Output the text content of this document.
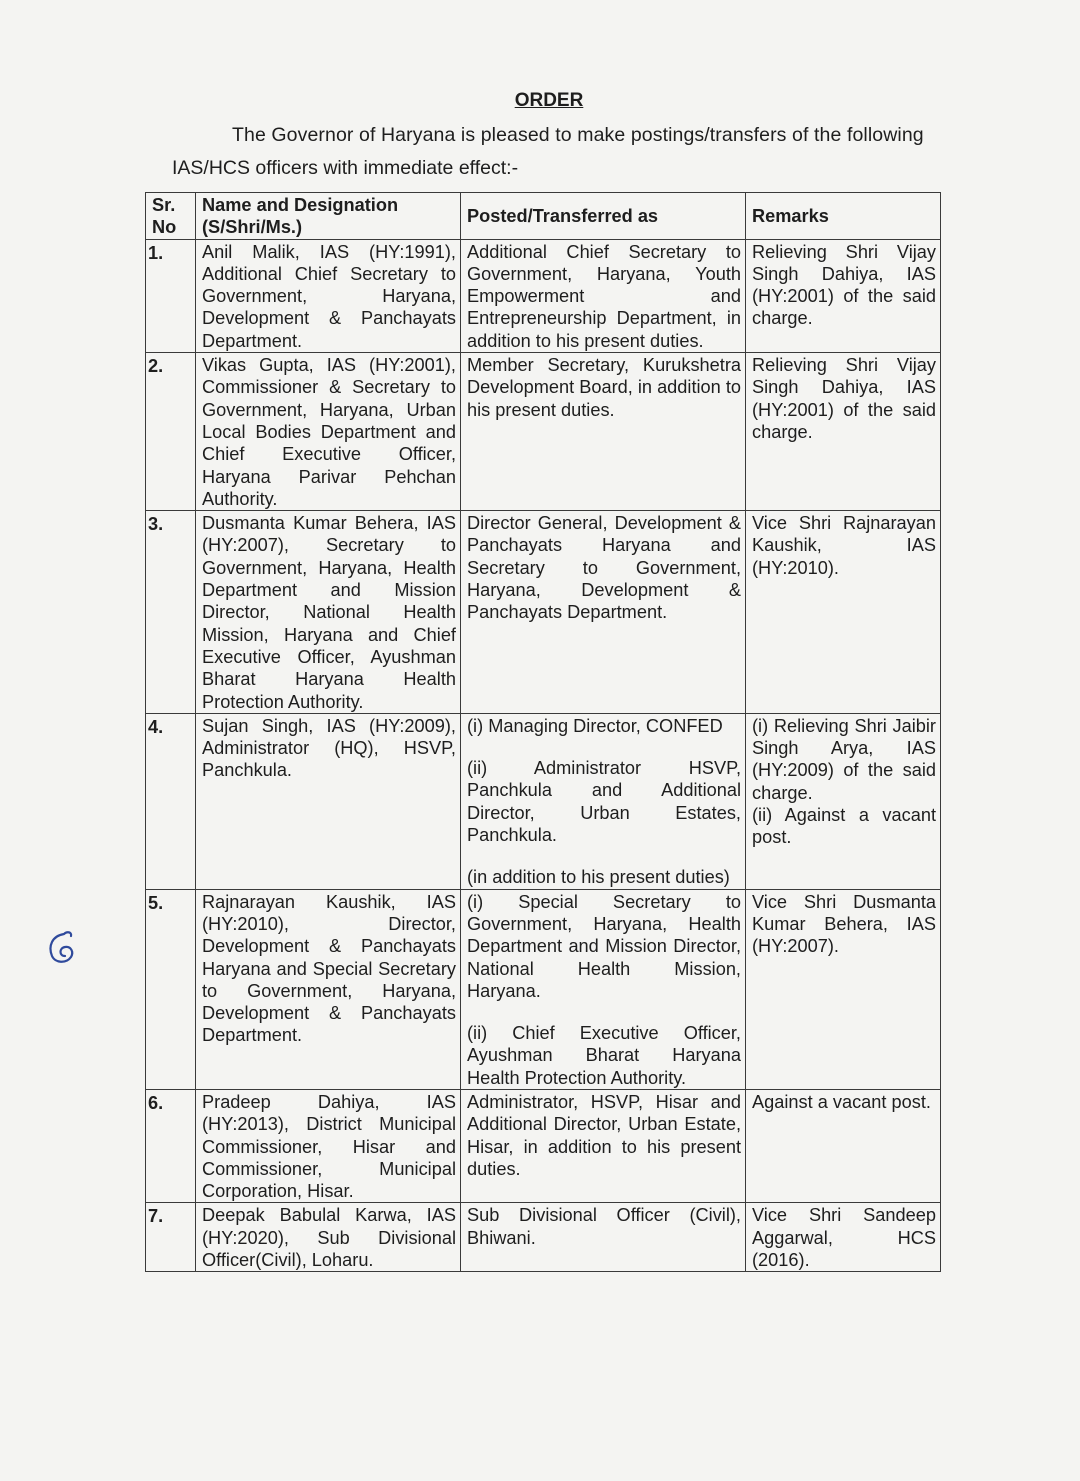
ORDER
The Governor of Haryana is pleased to make postings/transfers of the following
IAS/HCS officers with immediate effect:-
Sr. No	Name and Designation (S/Shri/Ms.)	Posted/Transferred as	Remarks
1.	Anil Malik, IAS (HY:1991), Additional Chief Secretary to Government, Haryana, Development & Panchayats Department.	Additional Chief Secretary to Government, Haryana, Youth Empowerment and Entrepreneurship Department, in addition to his present duties.	Relieving Shri Vijay Singh Dahiya, IAS (HY:2001) of the said charge.

2.	Vikas Gupta, IAS (HY:2001), Commissioner & Secretary to Government, Haryana, Urban Local Bodies Department and Chief Executive Officer, Haryana Parivar Pehchan Authority.	Member Secretary, Kurukshetra Development Board, in addition to his present duties.	Relieving Shri Vijay Singh Dahiya, IAS (HY:2001) of the said charge.

3.	Dusmanta Kumar Behera, IAS (HY:2007), Secretary to Government, Haryana, Health Department and Mission Director, National Health Mission, Haryana and Chief Executive Officer, Ayushman Bharat Haryana Health Protection Authority.	Director General, Development & Panchayats Haryana and Secretary to Government, Haryana, Development & Panchayats Department.	Vice Shri Rajnarayan Kaushik, IAS (HY:2010).

4.	Sujan Singh, IAS (HY:2009), Administrator (HQ), HSVP, Panchkula.	(i) Managing Director, CONFED
(ii) Administrator HSVP, Panchkula and Additional Director, Urban Estates, Panchkula.
(in addition to his present duties)	(i) Relieving Shri Jaibir Singh Arya, IAS (HY:2009) of the said charge.
(ii) Against a vacant post.

5.	Rajnarayan Kaushik, IAS (HY:2010), Director, Development & Panchayats Haryana and Special Secretary to Government, Haryana, Development & Panchayats Department.	(i) Special Secretary to Government, Haryana, Health Department and Mission Director, National Health Mission, Haryana.
(ii) Chief Executive Officer, Ayushman Bharat Haryana Health Protection Authority.	Vice Shri Dusmanta Kumar Behera, IAS (HY:2007).

6.	Pradeep Dahiya, IAS (HY:2013), District Municipal Commissioner, Hisar and Commissioner, Municipal Corporation, Hisar.	Administrator, HSVP, Hisar and Additional Director, Urban Estate, Hisar, in addition to his present duties.	Against a vacant post.

7.	Deepak Babulal Karwa, IAS (HY:2020), Sub Divisional Officer(Civil), Loharu.	Sub Divisional Officer (Civil), Bhiwani.	Vice Shri Sandeep Aggarwal, HCS (2016).
